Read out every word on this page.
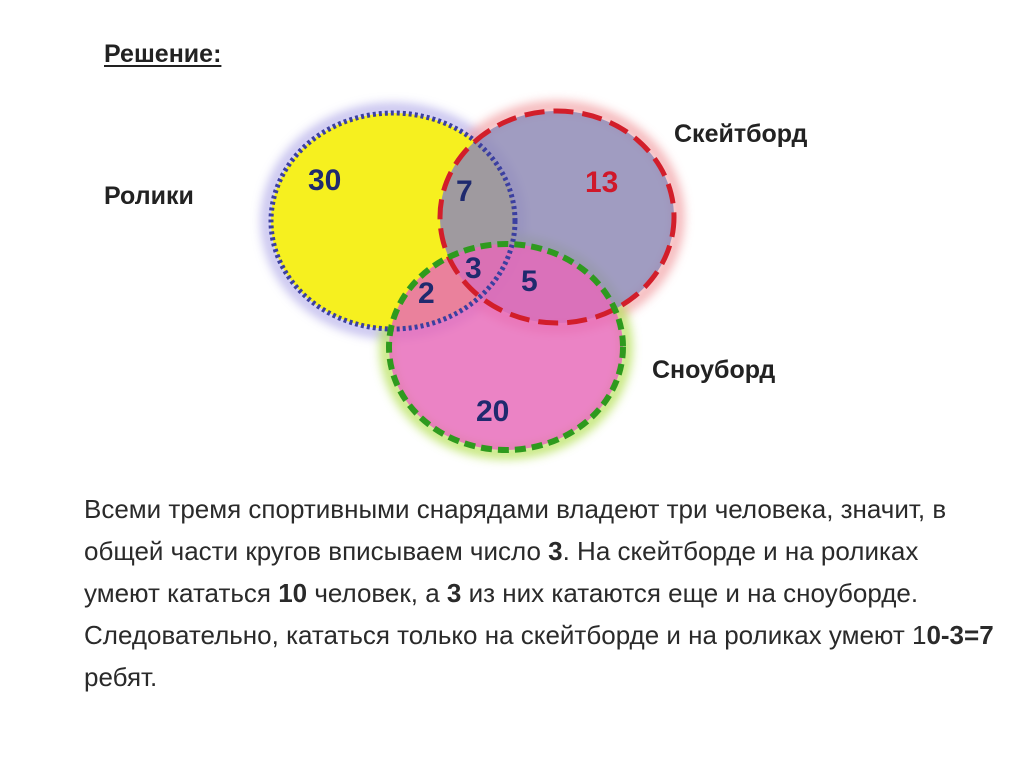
Решение:
Ролики
Скейтборд
Сноуборд
30	7	13
3
2	5
20
Всеми тремя спортивными снарядами владеют три человека, значит, в общей части кругов вписываем число 3. На скейтборде и на роликах умеют кататься 10 человек, а 3 из них катаются еще и на сноуборде. Следовательно, кататься только на скейтборде и на роликах умеют 10-3=7 ребят.
